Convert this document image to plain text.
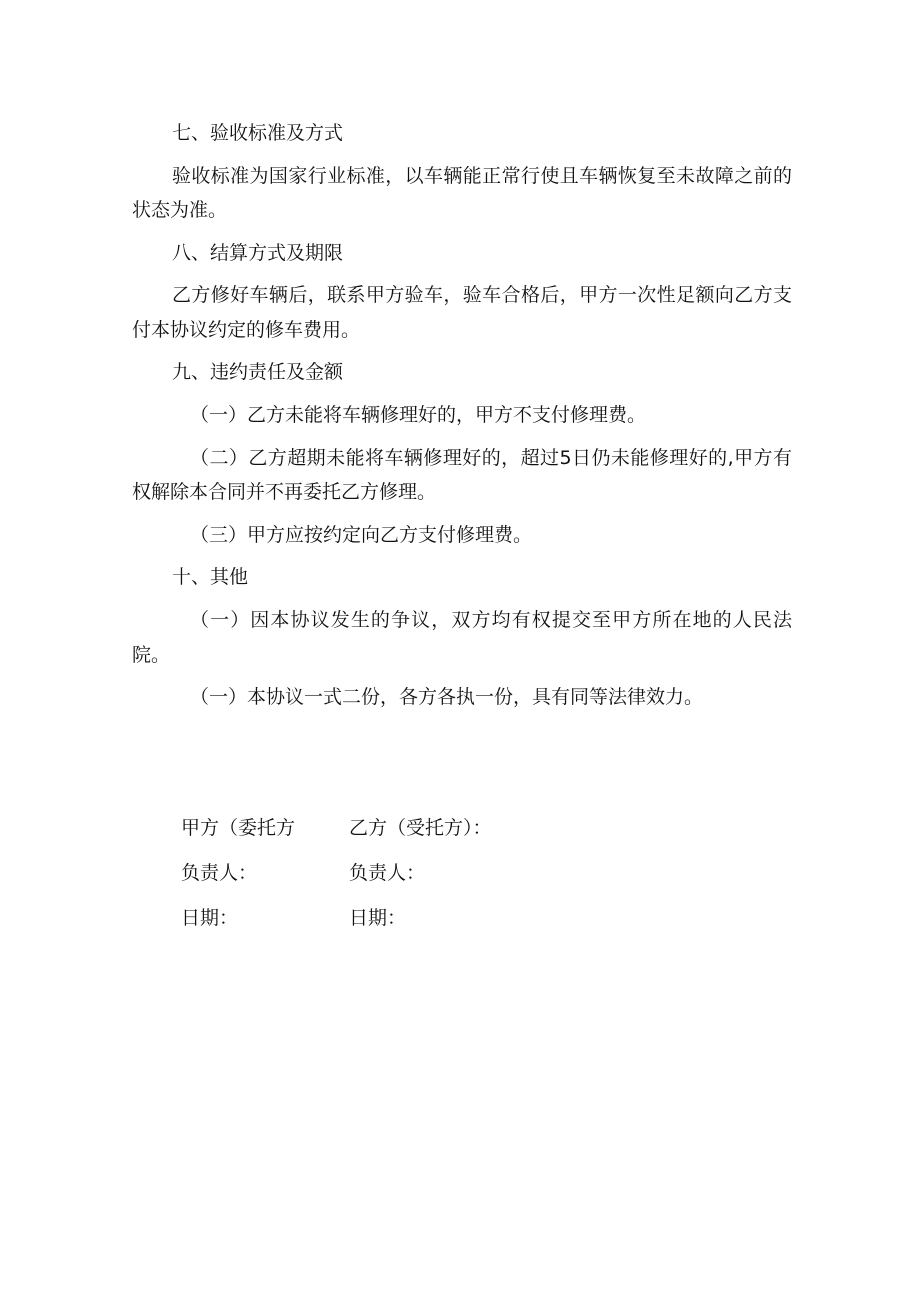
七、验收标准及方式

验收标准为国家行业标准，以车辆能正常行使且车辆恢复至未故障之前的状态为准。

八、结算方式及期限

乙方修好车辆后，联系甲方验车，验车合格后，甲方一次性足额向乙方支付本协议约定的修车费用。

九、违约责任及金额

（一）乙方未能将车辆修理好的，甲方不支付修理费。

（二）乙方超期未能将车辆修理好的，超过5日仍未能修理好的,甲方有权解除本合同并不再委托乙方修理。

（三）甲方应按约定向乙方支付修理费。

十、其他

（一）因本协议发生的争议，双方均有权提交至甲方所在地的人民法院。

（一）本协议一式二份，各方各执一份，具有同等法律效力。

甲方（委托方	乙方（受托方）：
负责人：	负责人：
日期：	日期：
